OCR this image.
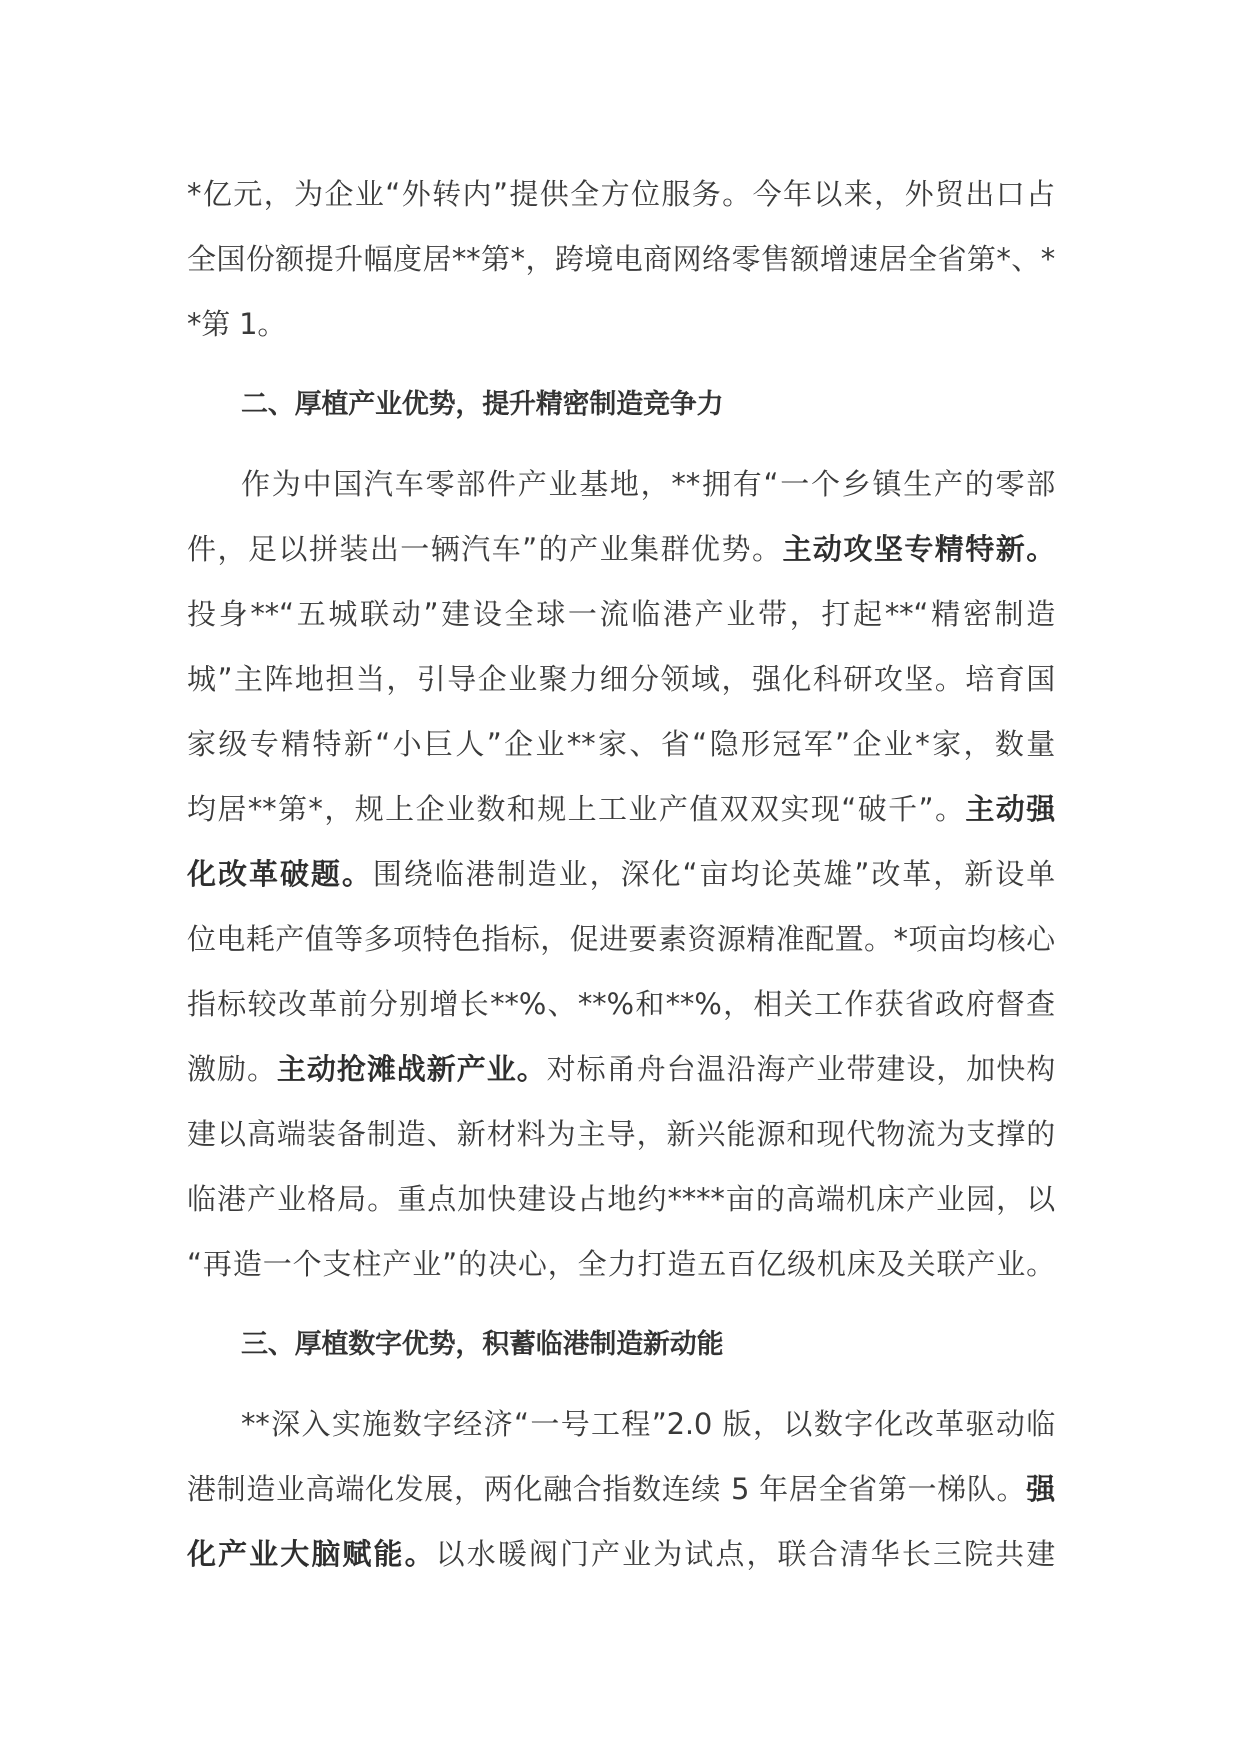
*亿元，为企业“外转内”提供全方位服务。今年以来，外贸出口占
全国份额提升幅度居**第*，跨境电商网络零售额增速居全省第*、*
*第 1。
二、厚植产业优势，提升精密制造竞争力
作为中国汽车零部件产业基地，**拥有“一个乡镇生产的零部
件，足以拼装出一辆汽车”的产业集群优势。主动攻坚专精特新。
投身**“五城联动”建设全球一流临港产业带，打起**“精密制造
城”主阵地担当，引导企业聚力细分领域，强化科研攻坚。培育国
家级专精特新“小巨人”企业**家、省“隐形冠军”企业*家，数量
均居**第*，规上企业数和规上工业产值双双实现“破千”。主动强
化改革破题。围绕临港制造业，深化“亩均论英雄”改革，新设单
位电耗产值等多项特色指标，促进要素资源精准配置。*项亩均核心
指标较改革前分别增长**%、**%和**%，相关工作获省政府督查
激励。主动抢滩战新产业。对标甬舟台温沿海产业带建设，加快构
建以高端装备制造、新材料为主导，新兴能源和现代物流为支撑的
临港产业格局。重点加快建设占地约****亩的高端机床产业园，以
“再造一个支柱产业”的决心，全力打造五百亿级机床及关联产业。
三、厚植数字优势，积蓄临港制造新动能
**深入实施数字经济“一号工程”2.0 版，以数字化改革驱动临
港制造业高端化发展，两化融合指数连续 5 年居全省第一梯队。强
化产业大脑赋能。以水暖阀门产业为试点，联合清华长三院共建
